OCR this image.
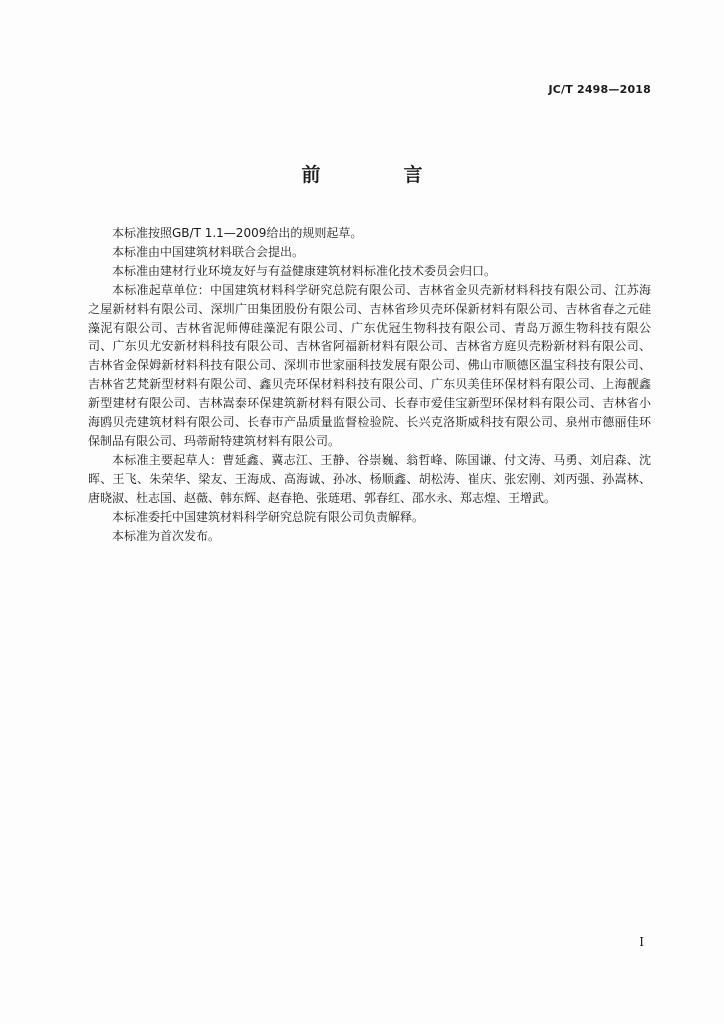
JC/T 2498—2018
前　言

本标准按照GB/T 1.1—2009给出的规则起草。

本标准由中国建筑材料联合会提出。

本标准由建材行业环境友好与有益健康建筑材料标准化技术委员会归口。

本标准起草单位：中国建筑材料科学研究总院有限公司、吉林省金贝壳新材料科技有限公司、江苏海之屋新材料有限公司、深圳广田集团股份有限公司、吉林省珍贝壳环保新材料有限公司、吉林省春之元硅藻泥有限公司、吉林省泥师傅硅藻泥有限公司、广东优冠生物科技有限公司、青岛万源生物科技有限公司、广东贝尤安新材料科技有限公司、吉林省阿福新材料有限公司、吉林省方庭贝壳粉新材料有限公司、吉林省金保姆新材料科技有限公司、深圳市世家丽科技发展有限公司、佛山市顺德区温宝科技有限公司、吉林省艺梵新型材料有限公司、鑫贝壳环保材料科技有限公司、广东贝美佳环保材料有限公司、上海靓鑫新型建材有限公司、吉林嵩泰环保建筑新材料有限公司、长春市爱佳宝新型环保材料有限公司、吉林省小海鸥贝壳建筑材料有限公司、长春市产品质量监督检验院、长兴克洛斯威科技有限公司、泉州市德丽佳环保制品有限公司、玛蒂耐特建筑材料有限公司。

本标准主要起草人：曹延鑫、冀志江、王静、谷崇巍、翁哲峰、陈国谦、付文涛、马勇、刘启森、沈晖、王飞、朱荣华、梁友、王海成、高海诚、孙冰、杨顺鑫、胡松涛、崔庆、张宏刚、刘丙强、孙嵩林、唐晓淑、杜志国、赵薇、韩东辉、赵春艳、张琏珺、郭春红、邵水永、郑志煌、王增武。

本标准委托中国建筑材料科学研究总院有限公司负责解释。

本标准为首次发布。

I
